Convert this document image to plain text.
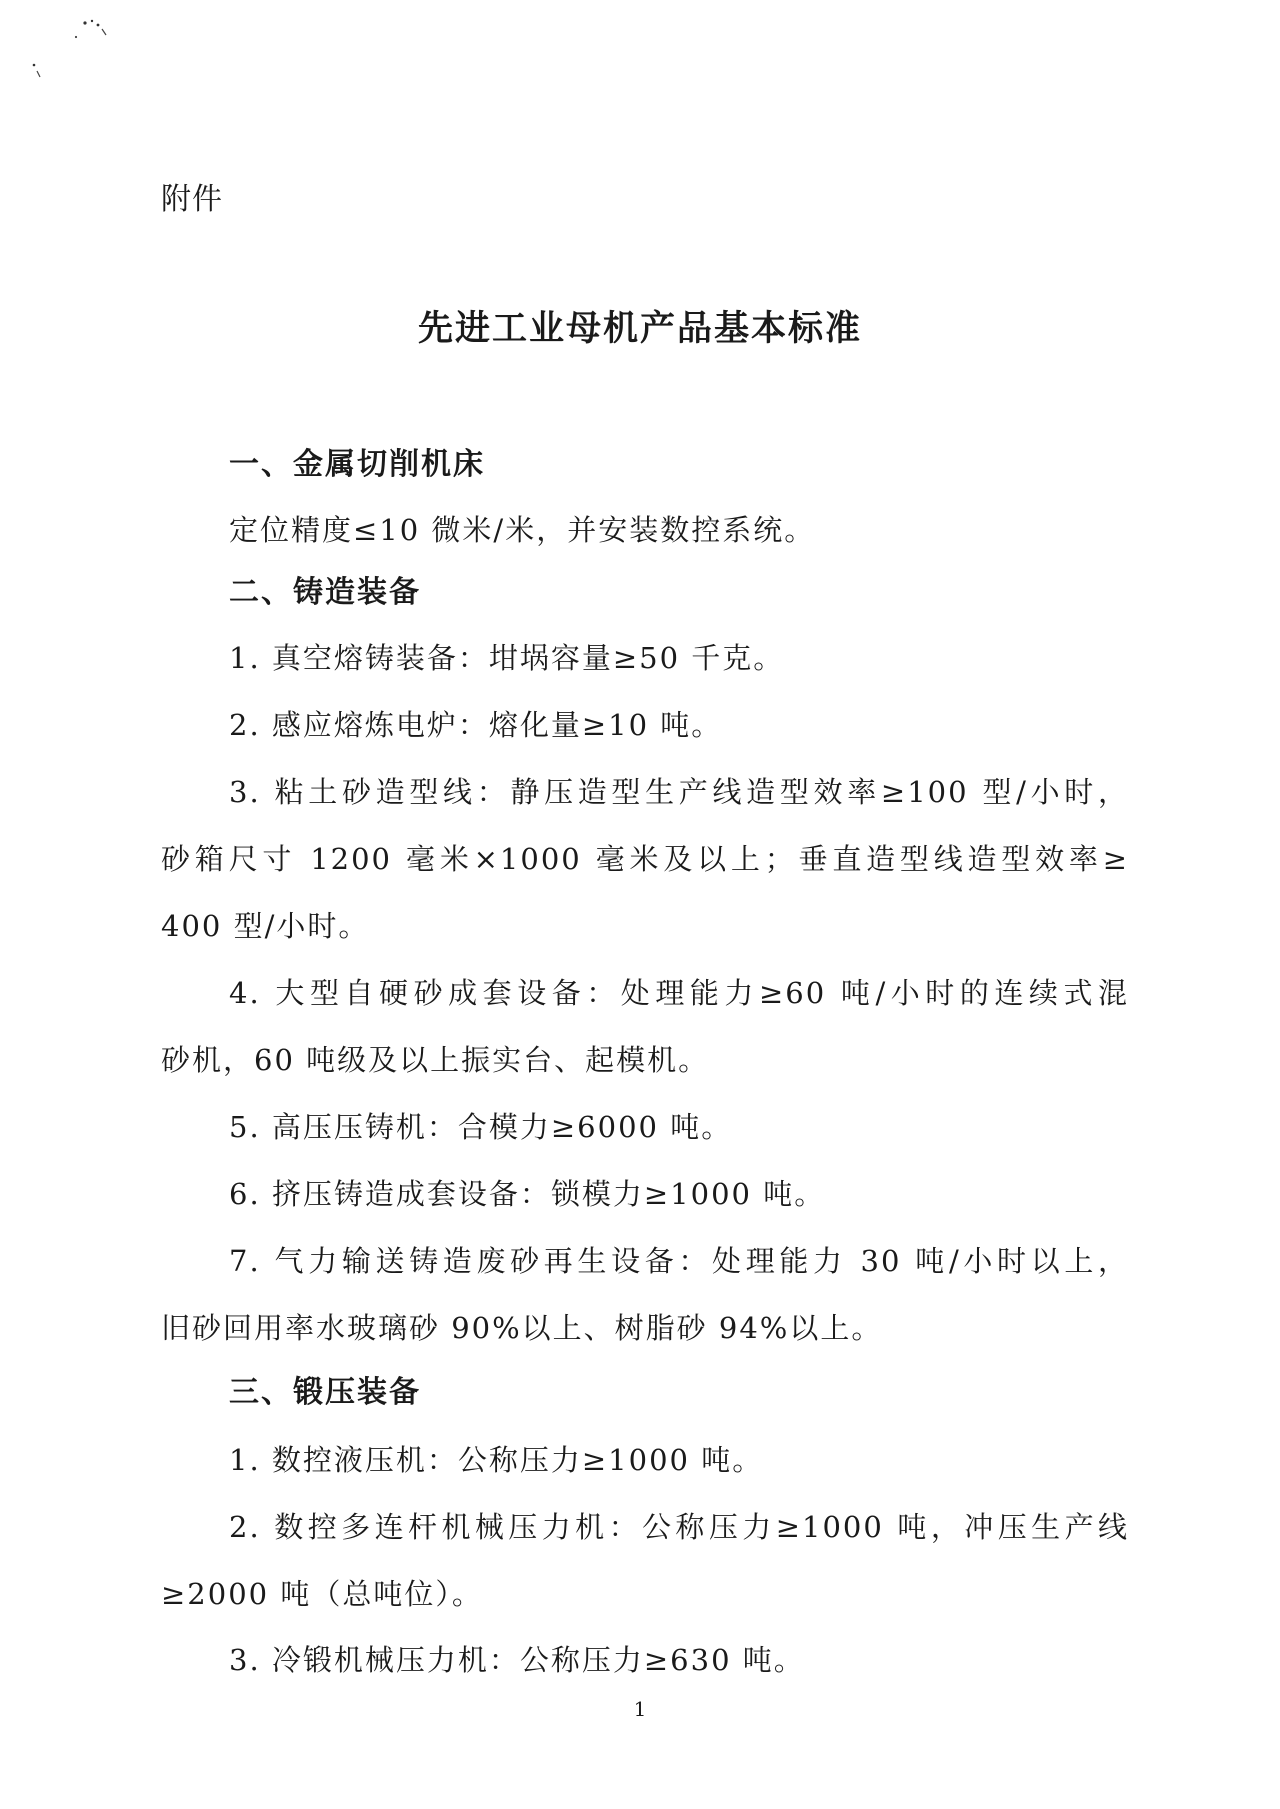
附件
先进工业母机产品基本标准
一、金属切削机床
定位精度≤10 微米/米，并安装数控系统。
二、铸造装备
1. 真空熔铸装备：坩埚容量≥50 千克。
2. 感应熔炼电炉：熔化量≥10 吨。
3. 粘土砂造型线：静压造型生产线造型效率≥100 型/小时，
砂箱尺寸 1200 毫米×1000 毫米及以上；垂直造型线造型效率≥
400 型/小时。
4. 大型自硬砂成套设备：处理能力≥60 吨/小时的连续式混
砂机，60 吨级及以上振实台、起模机。
5. 高压压铸机：合模力≥6000 吨。
6. 挤压铸造成套设备：锁模力≥1000 吨。
7. 气力输送铸造废砂再生设备：处理能力 30 吨/小时以上，
旧砂回用率水玻璃砂 90%以上、树脂砂 94%以上。
三、锻压装备
1. 数控液压机：公称压力≥1000 吨。
2. 数控多连杆机械压力机：公称压力≥1000 吨，冲压生产线
≥2000 吨（总吨位）。
3. 冷锻机械压力机：公称压力≥630 吨。
1
